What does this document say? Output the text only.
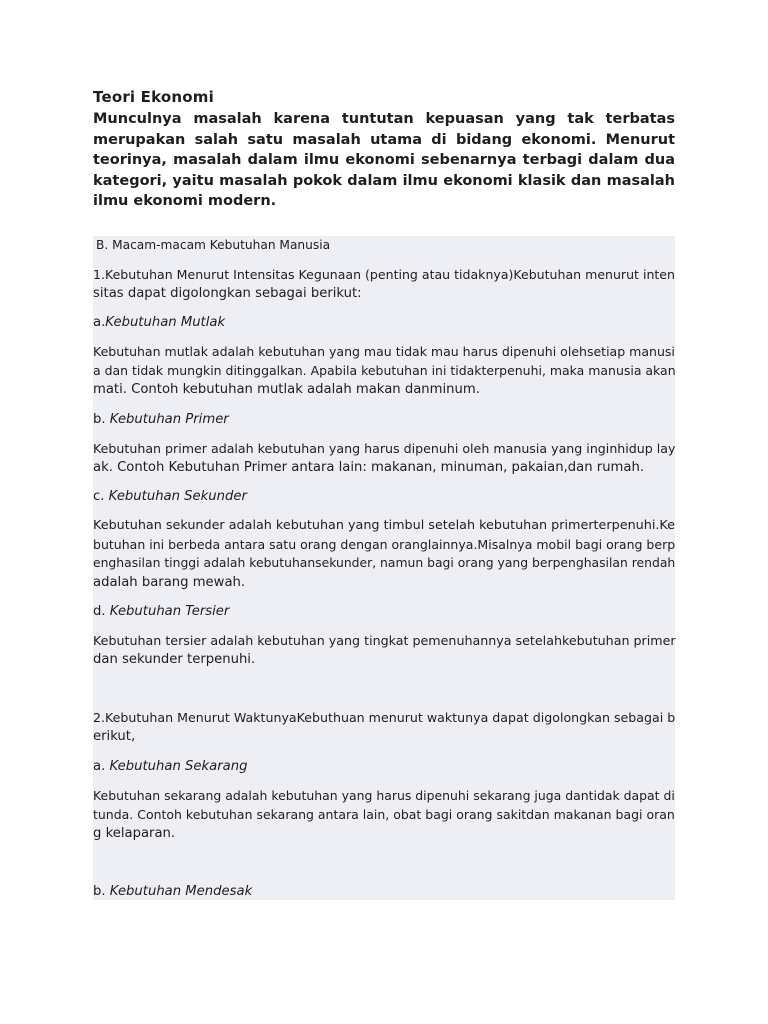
Teori Ekonomi
Munculnya masalah karena tuntutan kepuasan yang tak terbatas merupakan salah satu masalah utama di bidang ekonomi. Menurut teorinya, masalah dalam ilmu ekonomi sebenarnya terbagi dalam dua kategori, yaitu masalah pokok dalam ilmu ekonomi klasik dan masalah ilmu ekonomi modern.
B. Macam-macam Kebutuhan Manusia
1.Kebutuhan Menurut Intensitas Kegunaan (penting atau tidaknya)Kebutuhan menurut inten
sitas dapat digolongkan sebagai berikut:
a.Kebutuhan Mutlak
Kebutuhan mutlak adalah kebutuhan yang mau tidak mau harus dipenuhi olehsetiap manusi
a dan tidak mungkin ditinggalkan. Apabila kebutuhan ini tidakterpenuhi, maka manusia akan
mati. Contoh kebutuhan mutlak adalah makan danminum.
b. Kebutuhan Primer
Kebutuhan primer adalah kebutuhan yang harus dipenuhi oleh manusia yang inginhidup lay
ak. Contoh Kebutuhan Primer antara lain: makanan, minuman, pakaian,dan rumah.
c. Kebutuhan Sekunder
Kebutuhan sekunder adalah kebutuhan yang timbul setelah kebutuhan primerterpenuhi.Ke
butuhan ini berbeda antara satu orang dengan oranglainnya.Misalnya mobil bagi orang berp
enghasilan tinggi adalah kebutuhansekunder, namun bagi orang yang berpenghasilan rendah
adalah barang mewah.
d. Kebutuhan Tersier
Kebutuhan tersier adalah kebutuhan yang tingkat pemenuhannya setelahkebutuhan primer
dan sekunder terpenuhi.
2.Kebutuhan Menurut WaktunyaKebuthuan menurut waktunya dapat digolongkan sebagai b
erikut,
a. Kebutuhan Sekarang
Kebutuhan sekarang adalah kebutuhan yang harus dipenuhi sekarang juga dantidak dapat di
tunda. Contoh kebutuhan sekarang antara lain, obat bagi orang sakitdan makanan bagi oran
g kelaparan.
b. Kebutuhan Mendesak
